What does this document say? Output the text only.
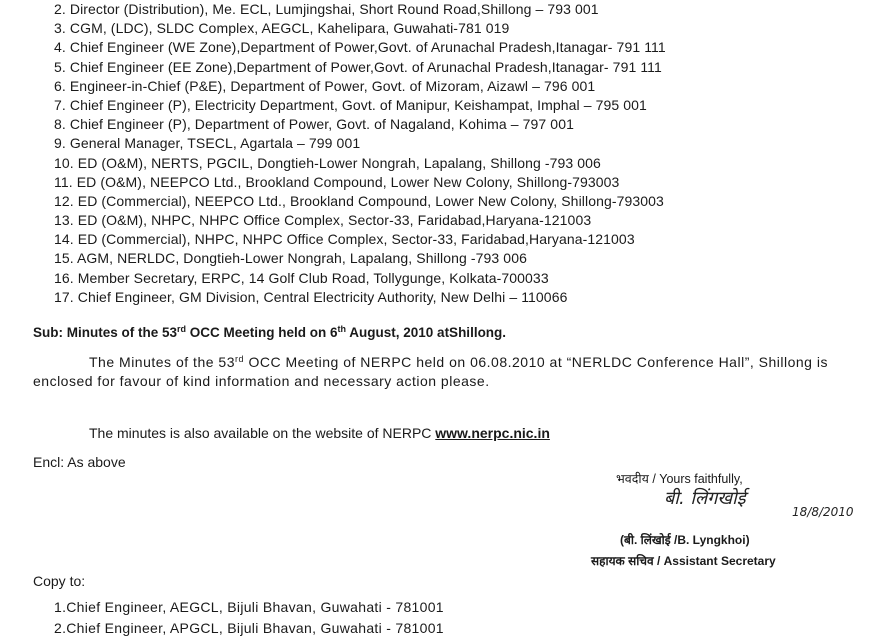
2. Director (Distribution), Me. ECL, Lumjingshai, Short Round Road,Shillong – 793 001
3. CGM, (LDC), SLDC Complex, AEGCL, Kahelipara, Guwahati-781 019
4. Chief Engineer (WE Zone),Department of Power,Govt. of Arunachal Pradesh,Itanagar- 791 111
5. Chief Engineer (EE Zone),Department of Power,Govt. of Arunachal Pradesh,Itanagar- 791 111
6. Engineer-in-Chief (P&E), Department of Power, Govt. of Mizoram, Aizawl – 796 001
7. Chief Engineer (P), Electricity Department, Govt. of Manipur, Keishampat, Imphal – 795 001
8. Chief Engineer (P), Department of Power, Govt. of Nagaland, Kohima – 797 001
9. General Manager, TSECL, Agartala – 799 001
10. ED (O&M), NERTS, PGCIL, Dongtieh-Lower Nongrah, Lapalang, Shillong -793 006
11. ED (O&M), NEEPCO Ltd., Brookland Compound, Lower New Colony, Shillong-793003
12. ED (Commercial), NEEPCO Ltd., Brookland Compound, Lower New Colony, Shillong-793003
13. ED (O&M), NHPC, NHPC Office Complex, Sector-33, Faridabad,Haryana-121003
14. ED (Commercial), NHPC, NHPC Office Complex, Sector-33, Faridabad,Haryana-121003
15. AGM, NERLDC, Dongtieh-Lower Nongrah, Lapalang, Shillong -793 006
16. Member Secretary, ERPC, 14 Golf Club Road, Tollygunge, Kolkata-700033
17. Chief Engineer, GM Division, Central Electricity Authority, New Delhi – 110066
Sub: Minutes of the 53rd OCC Meeting held on 6th August, 2010 atShillong.
The Minutes of the 53rd OCC Meeting of NERPC held on 06.08.2010 at “NERLDC Conference Hall”, Shillong is enclosed for favour of kind information and necessary action please.
The minutes is also available on the website of NERPC www.nerpc.nic.in
Encl: As above
भवदीय / Yours faithfully,
बी. लिंगखोई
18/8/2010
(बी. लिंखोई /B. Lyngkhoi)
सहायक सचिव / Assistant Secretary
Copy to:
1.Chief Engineer, AEGCL, Bijuli Bhavan, Guwahati - 781001
2.Chief Engineer, APGCL, Bijuli Bhavan, Guwahati - 781001
